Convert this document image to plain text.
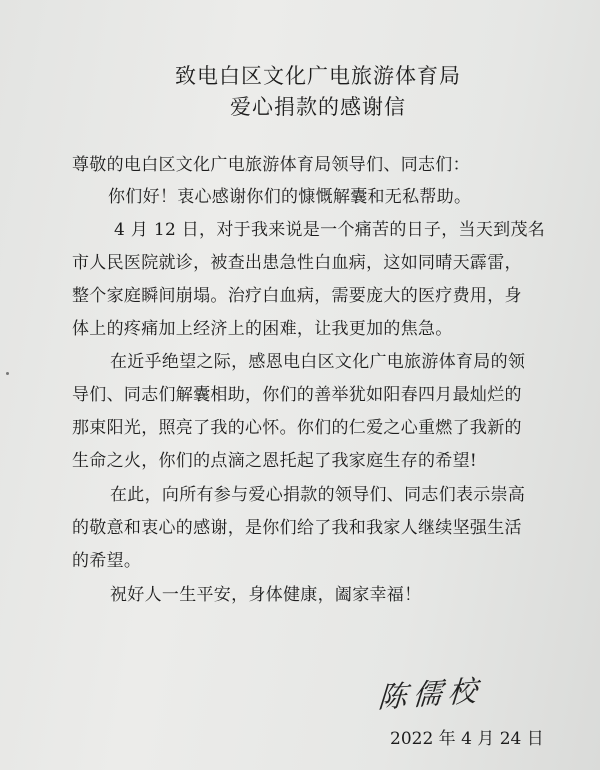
致电白区文化广电旅游体育局
爱心捐款的感谢信
尊敬的电白区文化广电旅游体育局领导们、同志们：
你们好！衷心感谢你们的慷慨解囊和无私帮助。
4 月 12 日，对于我来说是一个痛苦的日子，当天到茂名
市人民医院就诊，被查出患急性白血病，这如同晴天霹雷，
整个家庭瞬间崩塌。治疗白血病，需要庞大的医疗费用，身
体上的疼痛加上经济上的困难，让我更加的焦急。
在近乎绝望之际，感恩电白区文化广电旅游体育局的领
导们、同志们解囊相助，你们的善举犹如阳春四月最灿烂的
那束阳光，照亮了我的心怀。你们的仁爱之心重燃了我新的
生命之火，你们的点滴之恩托起了我家庭生存的希望!
在此，向所有参与爱心捐款的领导们、同志们表示崇高
的敬意和衷心的感谢，是你们给了我和我家人继续坚强生活
的希望。
祝好人一生平安，身体健康，阖家幸福！
陈儒校
2022 年 4 月 24 日
